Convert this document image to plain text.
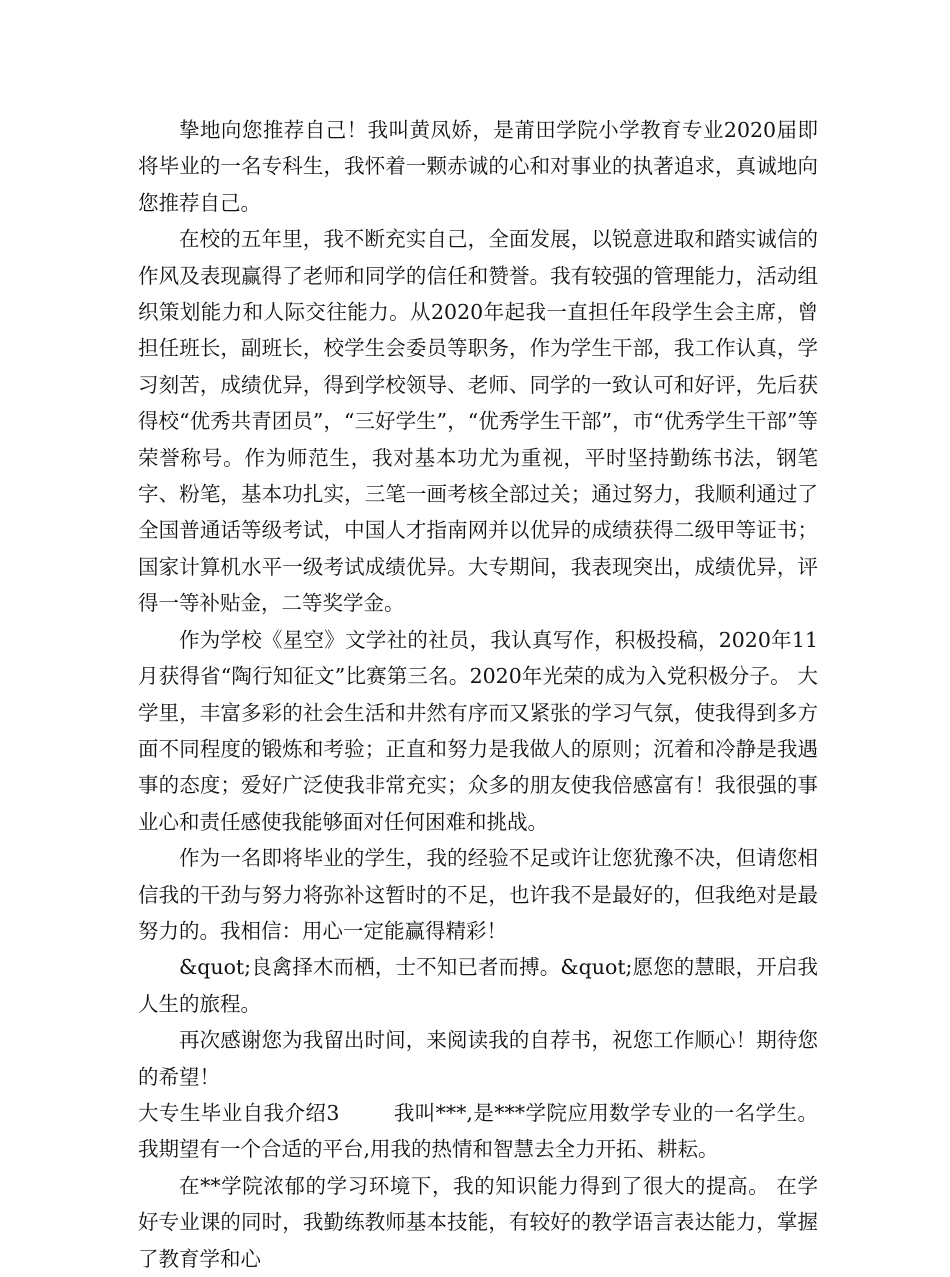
挚地向您推荐自己！我叫黄凤娇，是莆田学院小学教育专业2020届即将毕业的一名专科生，我怀着一颗赤诚的心和对事业的执著追求，真诚地向您推荐自己。

在校的五年里，我不断充实自己，全面发展，以锐意进取和踏实诚信的作风及表现赢得了老师和同学的信任和赞誉。我有较强的管理能力，活动组织策划能力和人际交往能力。从2020年起我一直担任年段学生会主席，曾担任班长，副班长，校学生会委员等职务，作为学生干部，我工作认真，学习刻苦，成绩优异，得到学校领导、老师、同学的一致认可和好评，先后获得校“优秀共青团员”，“三好学生”，“优秀学生干部”，市“优秀学生干部”等荣誉称号。作为师范生，我对基本功尤为重视，平时坚持勤练书法，钢笔字、粉笔，基本功扎实，三笔一画考核全部过关；通过努力，我顺利通过了全国普通话等级考试，中国人才指南网并以优异的成绩获得二级甲等证书；国家计算机水平一级考试成绩优异。大专期间，我表现突出，成绩优异，评得一等补贴金，二等奖学金。

作为学校《星空》文学社的社员，我认真写作，积极投稿，2020年11月获得省“陶行知征文”比赛第三名。2020年光荣的成为入党积极分子。 大学里，丰富多彩的社会生活和井然有序而又紧张的学习气氛，使我得到多方面不同程度的锻炼和考验；正直和努力是我做人的原则；沉着和冷静是我遇事的态度；爱好广泛使我非常充实；众多的朋友使我倍感富有！我很强的事业心和责任感使我能够面对任何困难和挑战。

作为一名即将毕业的学生，我的经验不足或许让您犹豫不决，但请您相信我的干劲与努力将弥补这暂时的不足，也许我不是最好的，但我绝对是最努力的。我相信：用心一定能赢得精彩！

&quot;良禽择木而栖，士不知已者而搏。&quot;愿您的慧眼，开启我人生的旅程。

再次感谢您为我留出时间，来阅读我的自荐书，祝您工作顺心！期待您的希望！

大专生毕业自我介绍3	我叫***,是***学院应用数学专业的一名学生。我期望有一个合适的平台,用我的热情和智慧去全力开拓、耕耘。

在**学院浓郁的学习环境下，我的知识能力得到了很大的提高。 在学好专业课的同时，我勤练教师基本技能，有较好的教学语言表达能力，掌握了教育学和心
